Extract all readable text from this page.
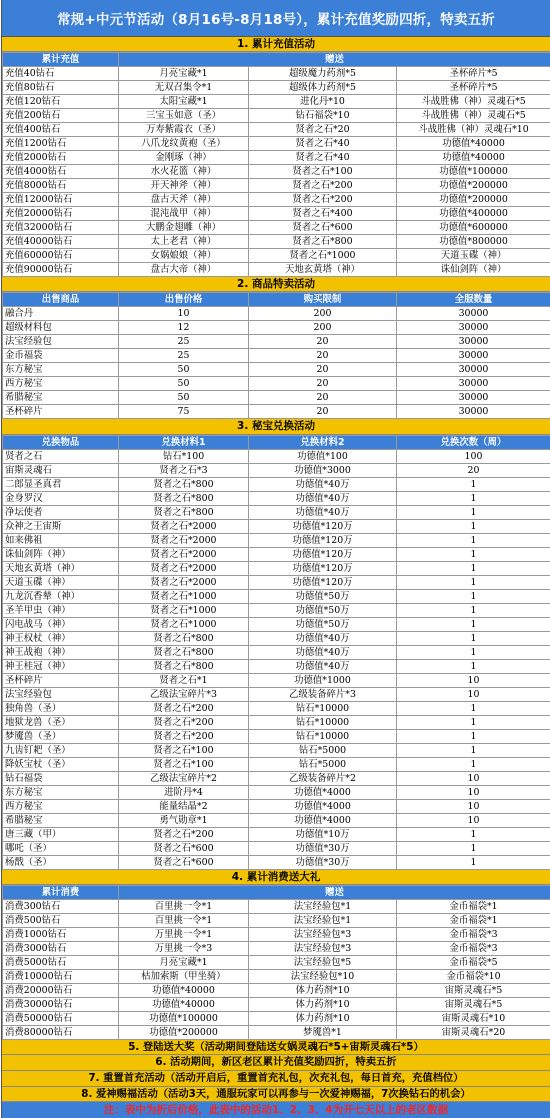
常规+中元节活动（8月16号-8月18号），累计充值奖励四折，特卖五折
1. 累计充值活动
累计充值	赠送		
充值40钻石	月亮宝藏*1	超级魔力药剂*5	圣杯碎片*5
充值80钻石	无双召集令*1	超级体力药剂*5	圣杯碎片*5
充值120钻石	太阳宝藏*1	进化丹*10	斗战胜佛（神）灵魂石*5
充值200钻石	三宝玉如意（圣）	钻石福袋*10	斗战胜佛（神）灵魂石*5
充值400钻石	万寿紫霞衣（圣）	贤者之石*20	斗战胜佛（神）灵魂石*10
充值1200钻石	八爪龙纹黄袍（圣）	贤者之石*40	功德值*40000
充值2000钻石	金刚琢（神）	贤者之石*40	功德值*40000
充值4000钻石	水火花篮（神）	贤者之石*100	功德值*100000
充值8000钻石	开天神斧（神）	贤者之石*200	功德值*200000
充值12000钻石	盘古天斧（神）	贤者之石*200	功德值*200000
充值20000钻石	混沌战甲（神）	贤者之石*400	功德值*400000
充值32000钻石	大鹏金翅雕（神）	贤者之石*600	功德值*600000
充值40000钻石	太上老君（神）	贤者之石*800	功德值*800000
充值60000钻石	女娲娘娘（神）	贤者之石*1000	天道玉碟（神）
充值90000钻石	盘古大帝（神）	天地玄黄塔（神）	诛仙剑阵（神）
2. 商品特卖活动
出售商品	出售价格	购买限制	全服数量
融合丹	10	200	30000
超级材料包	12	200	30000
法宝经验包	25	20	30000
金币福袋	25	20	30000
东方秘宝	50	20	30000
西方秘宝	50	20	30000
希腊秘宝	50	20	30000
圣杯碎片	75	20	30000
3. 秘宝兑换活动
兑换物品	兑换材料1	兑换材料2	兑换次数（周）
贤者之石	钻石*100	功德值*100	100
宙斯灵魂石	贤者之石*3	功德值*3000	20
二郎显圣真君	贤者之石*800	功德值*40万	1
金身罗汉	贤者之石*800	功德值*40万	1
净坛使者	贤者之石*800	功德值*40万	1
众神之王宙斯	贤者之石*2000	功德值*120万	1
如来佛祖	贤者之石*2000	功德值*120万	1
诛仙剑阵（神）	贤者之石*2000	功德值*120万	1
天地玄黄塔（神）	贤者之石*2000	功德值*120万	1
天道玉碟（神）	贤者之石*2000	功德值*120万	1
九龙沉香辇（神）	贤者之石*1000	功德值*50万	1
圣羊甲虫（神）	贤者之石*1000	功德值*50万	1
闪电战马（神）	贤者之石*1000	功德值*50万	1
神王权杖（神）	贤者之石*800	功德值*40万	1
神王战袍（神）	贤者之石*800	功德值*40万	1
神王桂冠（神）	贤者之石*800	功德值*40万	1
圣杯碎片	贤者之石*1	功德值*1000	10
法宝经验包	乙级法宝碎片*3	乙级装备碎片*3	10
独角兽（圣）	贤者之石*200	钻石*10000	1
地狱龙兽（圣）	贤者之石*200	钻石*10000	1
梦魇兽（圣）	贤者之石*200	钻石*10000	1
九齿钉耙（圣）	贤者之石*100	钻石*5000	1
降妖宝杖（圣）	贤者之石*100	钻石*5000	1
钻石福袋	乙级法宝碎片*2	乙级装备碎片*2	10
东方秘宝	进阶丹*4	功德值*4000	10
西方秘宝	能量结晶*2	功德值*4000	10
希腊秘宝	勇气勋章*1	功德值*4000	10
唐三藏（甲）	贤者之石*200	功德值*10万	1
哪吒（圣）	贤者之石*600	功德值*30万	1
杨戬（圣）	贤者之石*600	功德值*30万	1
4. 累计消费送大礼
累计消费	赠送		
消费300钻石	百里挑一令*1	法宝经验包*1	金币福袋*1
消费500钻石	百里挑一令*1	法宝经验包*1	金币福袋*1
消费1000钻石	万里挑一令*1	法宝经验包*3	金币福袋*3
消费3000钻石	万里挑一令*3	法宝经验包*3	金币福袋*3
消费5000钻石	月亮宝藏*1	法宝经验包*5	金币福袋*5
消费10000钻石	枯加索斯（甲坐骑）	法宝经验包*10	金币福袋*10
消费20000钻石	功德值*40000	体力药剂*10	宙斯灵魂石*5
消费30000钻石	功德值*40000	体力药剂*10	宙斯灵魂石*5
消费50000钻石	功德值*100000	体力药剂*10	宙斯灵魂石*10
消费80000钻石	功德值*200000	梦魇兽*1	宙斯灵魂石*20
5. 登陆送大奖（活动期间登陆送女娲灵魂石*5+宙斯灵魂石*5）
6. 活动期间，新区老区累计充值奖励四折，特卖五折
7. 重置首充活动（活动开启后，重置首充礼包，次充礼包，每日首充，充值档位）
8. 爱神赐福活动（活动3天，通服玩家可以再参与一次爱神赐福，7次换钻石的机会）
注：表中为折后价格，此表中的活动1、2、3、4为开七天以上的老区数据
